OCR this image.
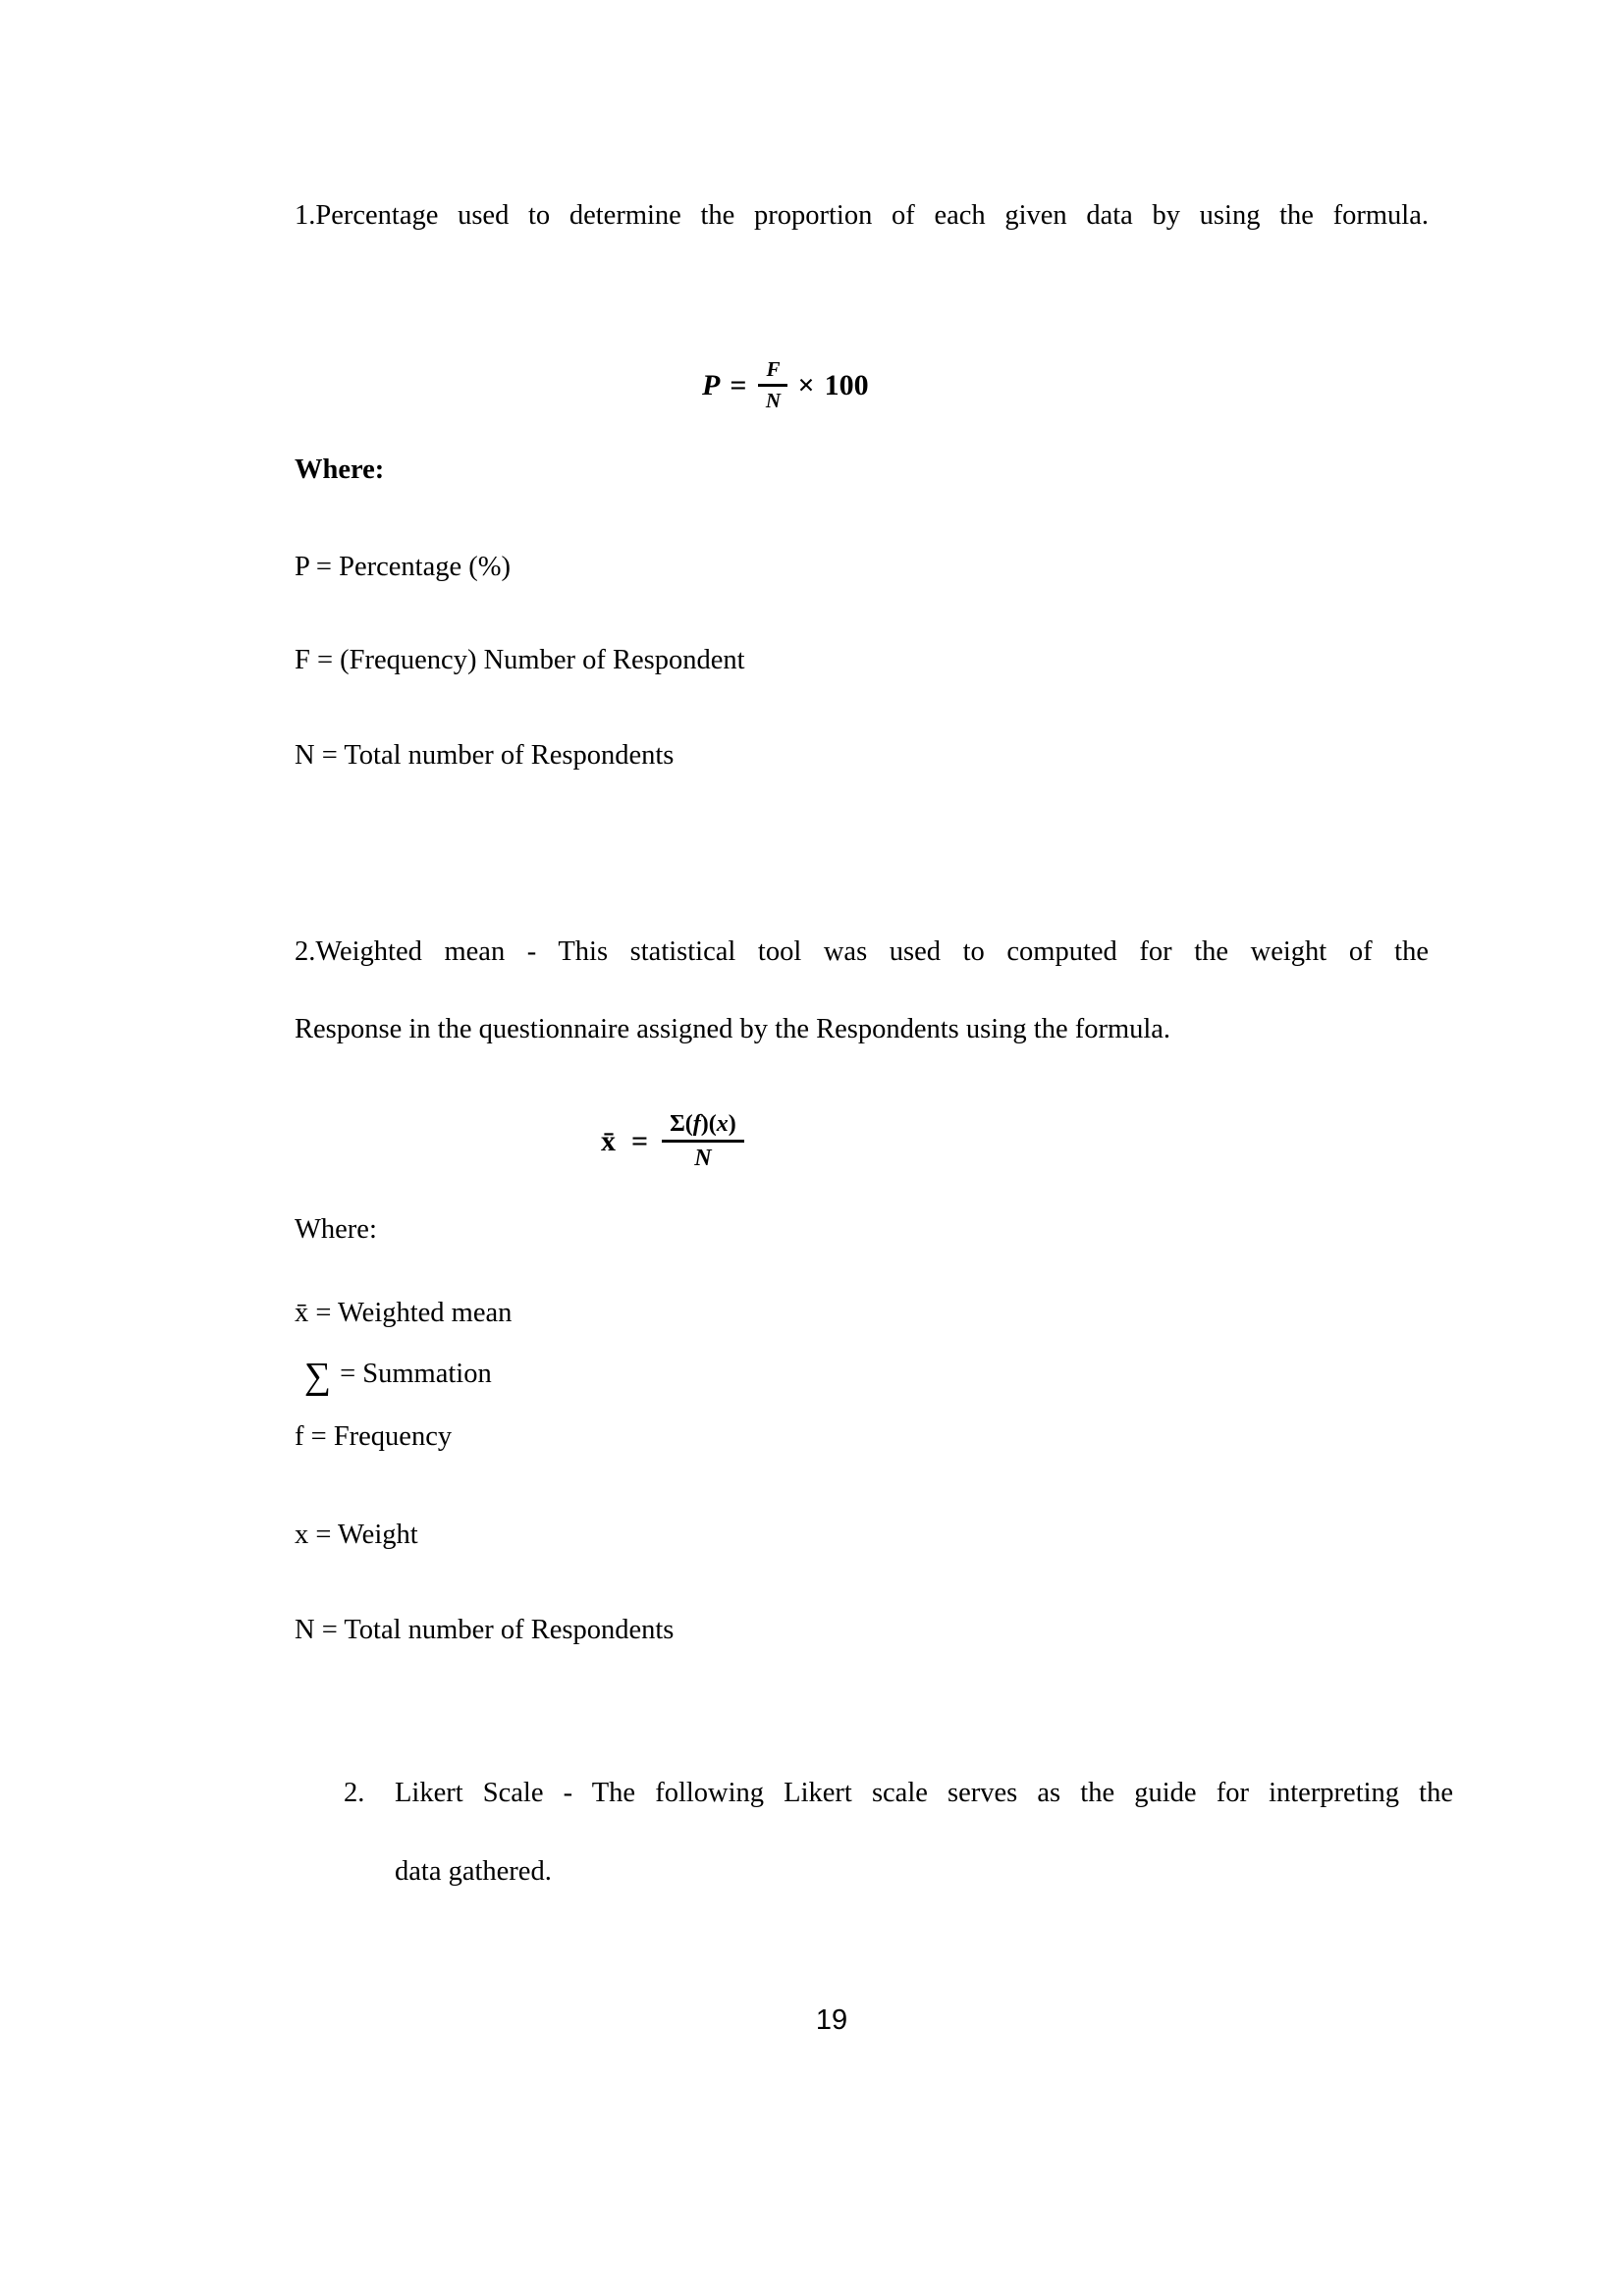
1.Percentage used to determine the proportion of each given data by using the formula.
$P = \frac{F}{N} \times 100$
Where:
P = Percentage (%)
F = (Frequency) Number of Respondent
N = Total number of Respondents
2.Weighted mean - This statistical tool was used to computed for the weight of the
Response in the questionnaire assigned by the Respondents using the formula.
x̄ = $\frac{\Sigma(f)(x)}{N}$
Where:
x̄ = Weighted mean
∑ = Summation
f = Frequency
x = Weight
N = Total number of Respondents
2. Likert Scale - The following Likert scale serves as the guide for interpreting the
data gathered.
19
